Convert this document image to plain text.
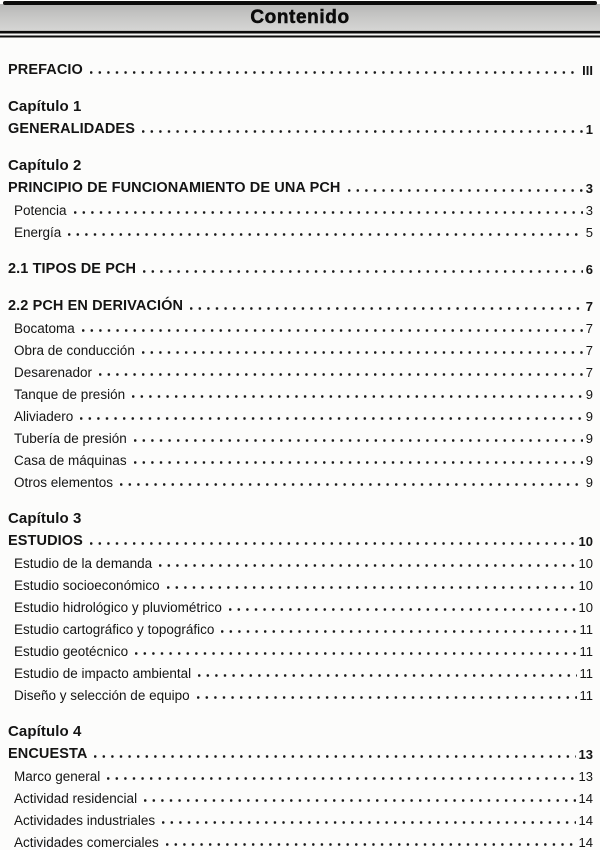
Contenido
PREFACIO	III
Capítulo 1
GENERALIDADES	1
Capítulo 2
PRINCIPIO DE FUNCIONAMIENTO DE UNA PCH	3
Potencia	3
Energía	5
2.1 TIPOS DE PCH	6
2.2 PCH EN DERIVACIÓN	7
Bocatoma	7
Obra de conducción	7
Desarenador	7
Tanque de presión	9
Aliviadero	9
Tubería de presión	9
Casa de máquinas	9
Otros elementos	9
Capítulo 3
ESTUDIOS	10
Estudio de la demanda	10
Estudio socioeconómico	10
Estudio hidrológico y pluviométrico	10
Estudio cartográfico y topográfico	11
Estudio geotécnico	11
Estudio de impacto ambiental	11
Diseño y selección de equipo	11
Capítulo 4
ENCUESTA	13
Marco general	13
Actividad residencial	14
Actividades industriales	14
Actividades comerciales	14
